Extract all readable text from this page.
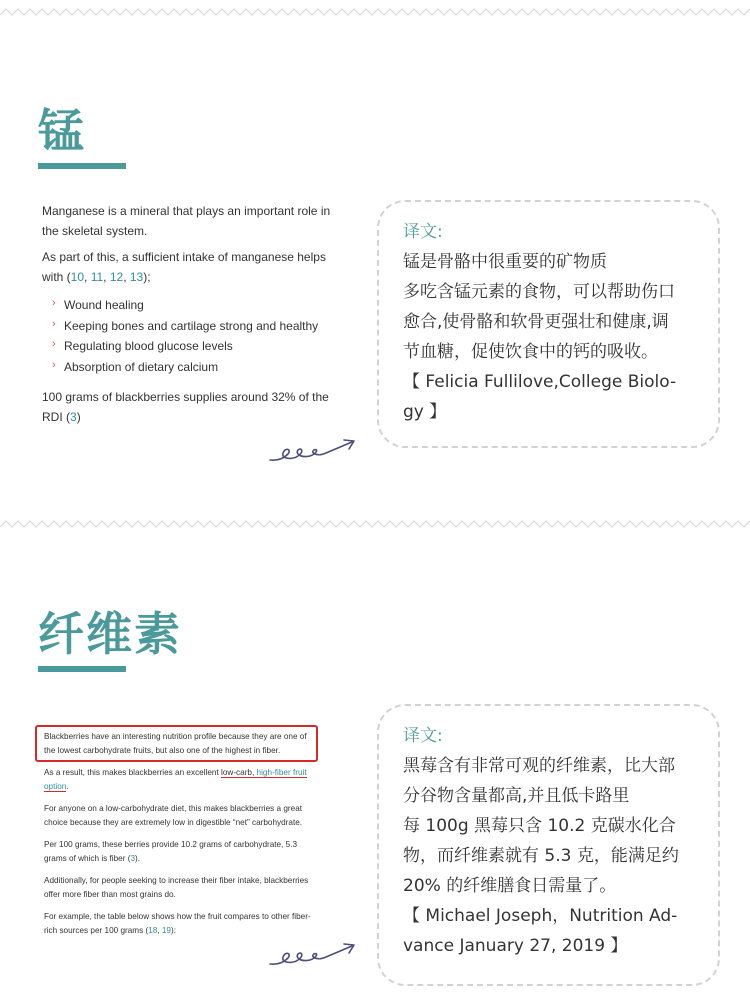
锰

Manganese is a mineral that plays an important role in the skeletal system.

As part of this, a sufficient intake of manganese helps with (10, 11, 12, 13);

› Wound healing
› Keeping bones and cartilage strong and healthy
› Regulating blood glucose levels
› Absorption of dietary calcium

100 grams of blackberries supplies around 32% of the RDI (3)

译文:
锰是骨骼中很重要的矿物质
多吃含锰元素的食物，可以帮助伤口
愈合,使骨骼和软骨更强壮和健康,调
节血糖，促使饮食中的钙的吸收。
【 Felicia Fullilove,College Biolo-
gy 】
纤维素

Blackberries have an interesting nutrition profile because they are one of the lowest carbohydrate fruits, but also one of the highest in fiber.

As a result, this makes blackberries an excellent low-carb, high-fiber fruit option.

For anyone on a low-carbohydrate diet, this makes blackberries a great choice because they are extremely low in digestible “net” carbohydrate.

Per 100 grams, these berries provide 10.2 grams of carbohydrate, 5.3 grams of which is fiber (3).

Additionally, for people seeking to increase their fiber intake, blackberries offer more fiber than most grains do.

For example, the table below shows how the fruit compares to other fiber-rich sources per 100 grams (18, 19):

译文:
黑莓含有非常可观的纤维素，比大部
分谷物含量都高,并且低卡路里
每 100g 黑莓只含 10.2 克碳水化合
物，而纤维素就有 5.3 克，能满足约
20% 的纤维膳食日需量了。
【 Michael Joseph，Nutrition Ad-
vance January 27, 2019 】
